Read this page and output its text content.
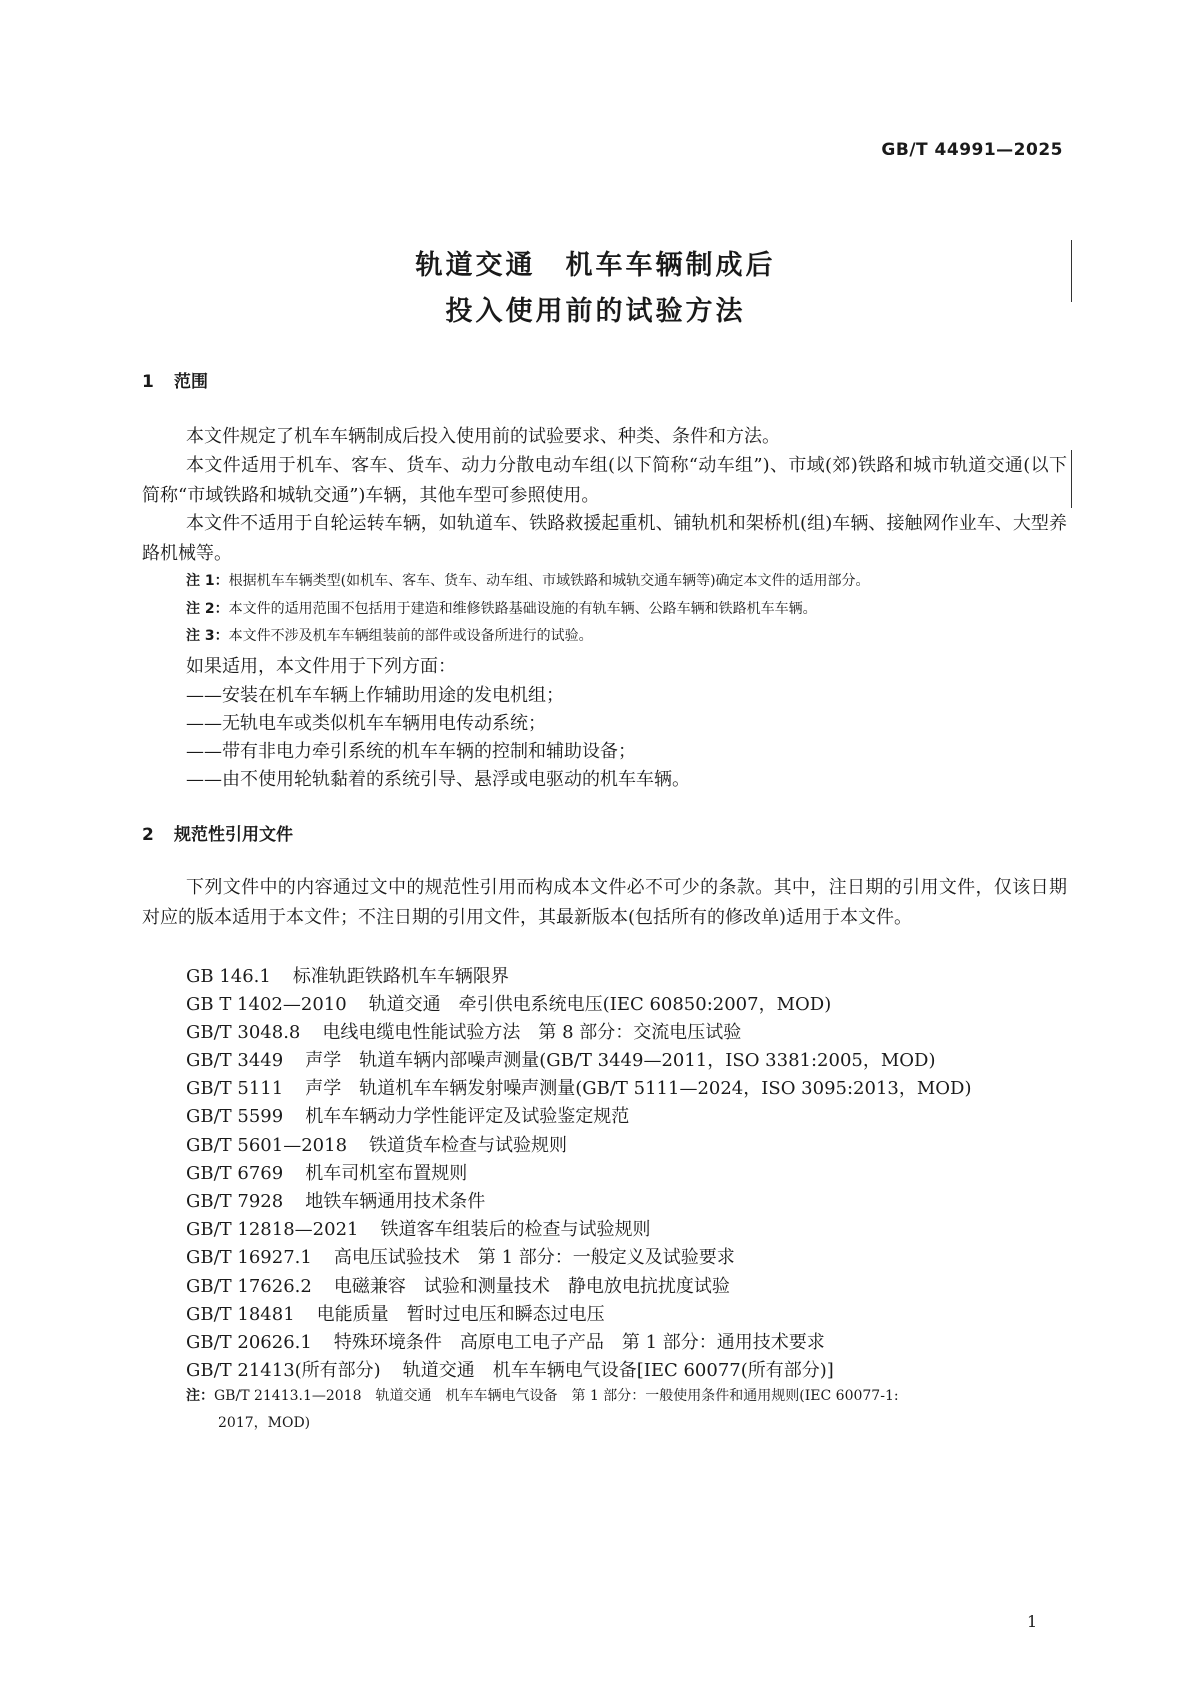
GB/T 44991—2025
轨道交通　机车车辆制成后
投入使用前的试验方法
1 范围
本文件规定了机车车辆制成后投入使用前的试验要求、种类、条件和方法。
本文件适用于机车、客车、货车、动力分散电动车组(以下简称“动车组”)、市域(郊)铁路和城市轨道交通(以下简称“市域铁路和城轨交通”)车辆，其他车型可参照使用。
本文件不适用于自轮运转车辆，如轨道车、铁路救援起重机、铺轨机和架桥机(组)车辆、接触网作业车、大型养路机械等。
注 1：根据机车车辆类型(如机车、客车、货车、动车组、市域铁路和城轨交通车辆等)确定本文件的适用部分。
注 2：本文件的适用范围不包括用于建造和维修铁路基础设施的有轨车辆、公路车辆和铁路机车车辆。
注 3：本文件不涉及机车车辆组装前的部件或设备所进行的试验。
如果适用，本文件用于下列方面：
——安装在机车车辆上作辅助用途的发电机组；
——无轨电车或类似机车车辆用电传动系统；
——带有非电力牵引系统的机车车辆的控制和辅助设备；
——由不使用轮轨黏着的系统引导、悬浮或电驱动的机车车辆。
2 规范性引用文件
下列文件中的内容通过文中的规范性引用而构成本文件必不可少的条款。其中，注日期的引用文件，仅该日期对应的版本适用于本文件；不注日期的引用文件，其最新版本(包括所有的修改单)适用于本文件。
GB 146.1 标准轨距铁路机车车辆限界
GB T 1402—2010 轨道交通　牵引供电系统电压(IEC 60850:2007，MOD)
GB/T 3048.8 电线电缆电性能试验方法　第 8 部分：交流电压试验
GB/T 3449 声学　轨道车辆内部噪声测量(GB/T 3449—2011，ISO 3381:2005，MOD)
GB/T 5111 声学　轨道机车车辆发射噪声测量(GB/T 5111—2024，ISO 3095:2013，MOD)
GB/T 5599 机车车辆动力学性能评定及试验鉴定规范
GB/T 5601—2018 铁道货车检查与试验规则
GB/T 6769 机车司机室布置规则
GB/T 7928 地铁车辆通用技术条件
GB/T 12818—2021 铁道客车组装后的检查与试验规则
GB/T 16927.1 高电压试验技术　第 1 部分：一般定义及试验要求
GB/T 17626.2 电磁兼容　试验和测量技术　静电放电抗扰度试验
GB/T 18481 电能质量　暂时过电压和瞬态过电压
GB/T 20626.1 特殊环境条件　高原电工电子产品　第 1 部分：通用技术要求
GB/T 21413(所有部分) 轨道交通　机车车辆电气设备[IEC 60077(所有部分)]
注：GB/T 21413.1—2018　轨道交通　机车车辆电气设备　第 1 部分：一般使用条件和通用规则(IEC 60077-1:
2017，MOD)
1
